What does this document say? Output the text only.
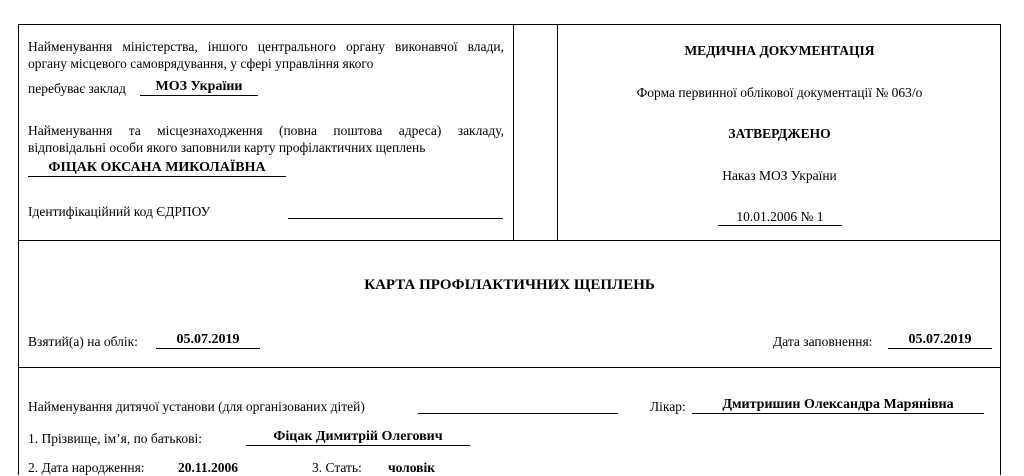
Найменування міністерства, іншого центрального органу виконавчої влади, органу місцевого самоврядування, у сфері управління якого
перебуває заклад	МОЗ України
Найменування та місцезнаходження (повна поштова адреса) закладу, відповідальні особи якого заповнили карту профілактичних щеплень
ФІЦАК ОКСАНА МИКОЛАЇВНА
Ідентифікаційний код ЄДРПОУ
МЕДИЧНА ДОКУМЕНТАЦІЯ
Форма первинної облікової документації № 063/о
ЗАТВЕРДЖЕНО
Наказ МОЗ України
10.01.2006 № 1
КАРТА ПРОФІЛАКТИЧНИХ ЩЕПЛЕНЬ
Взятий(а) на облік:	05.07.2019	Дата заповнення:	05.07.2019
Найменування дитячої установи (для організованих дітей)	Лікар:	Дмитришин Олександра Марянівна
1. Прізвище, ім’я, по батькові:	Фіцак Димитрій Олегович
2. Дата народження: 20.11.2006	3. Стать: чоловік
